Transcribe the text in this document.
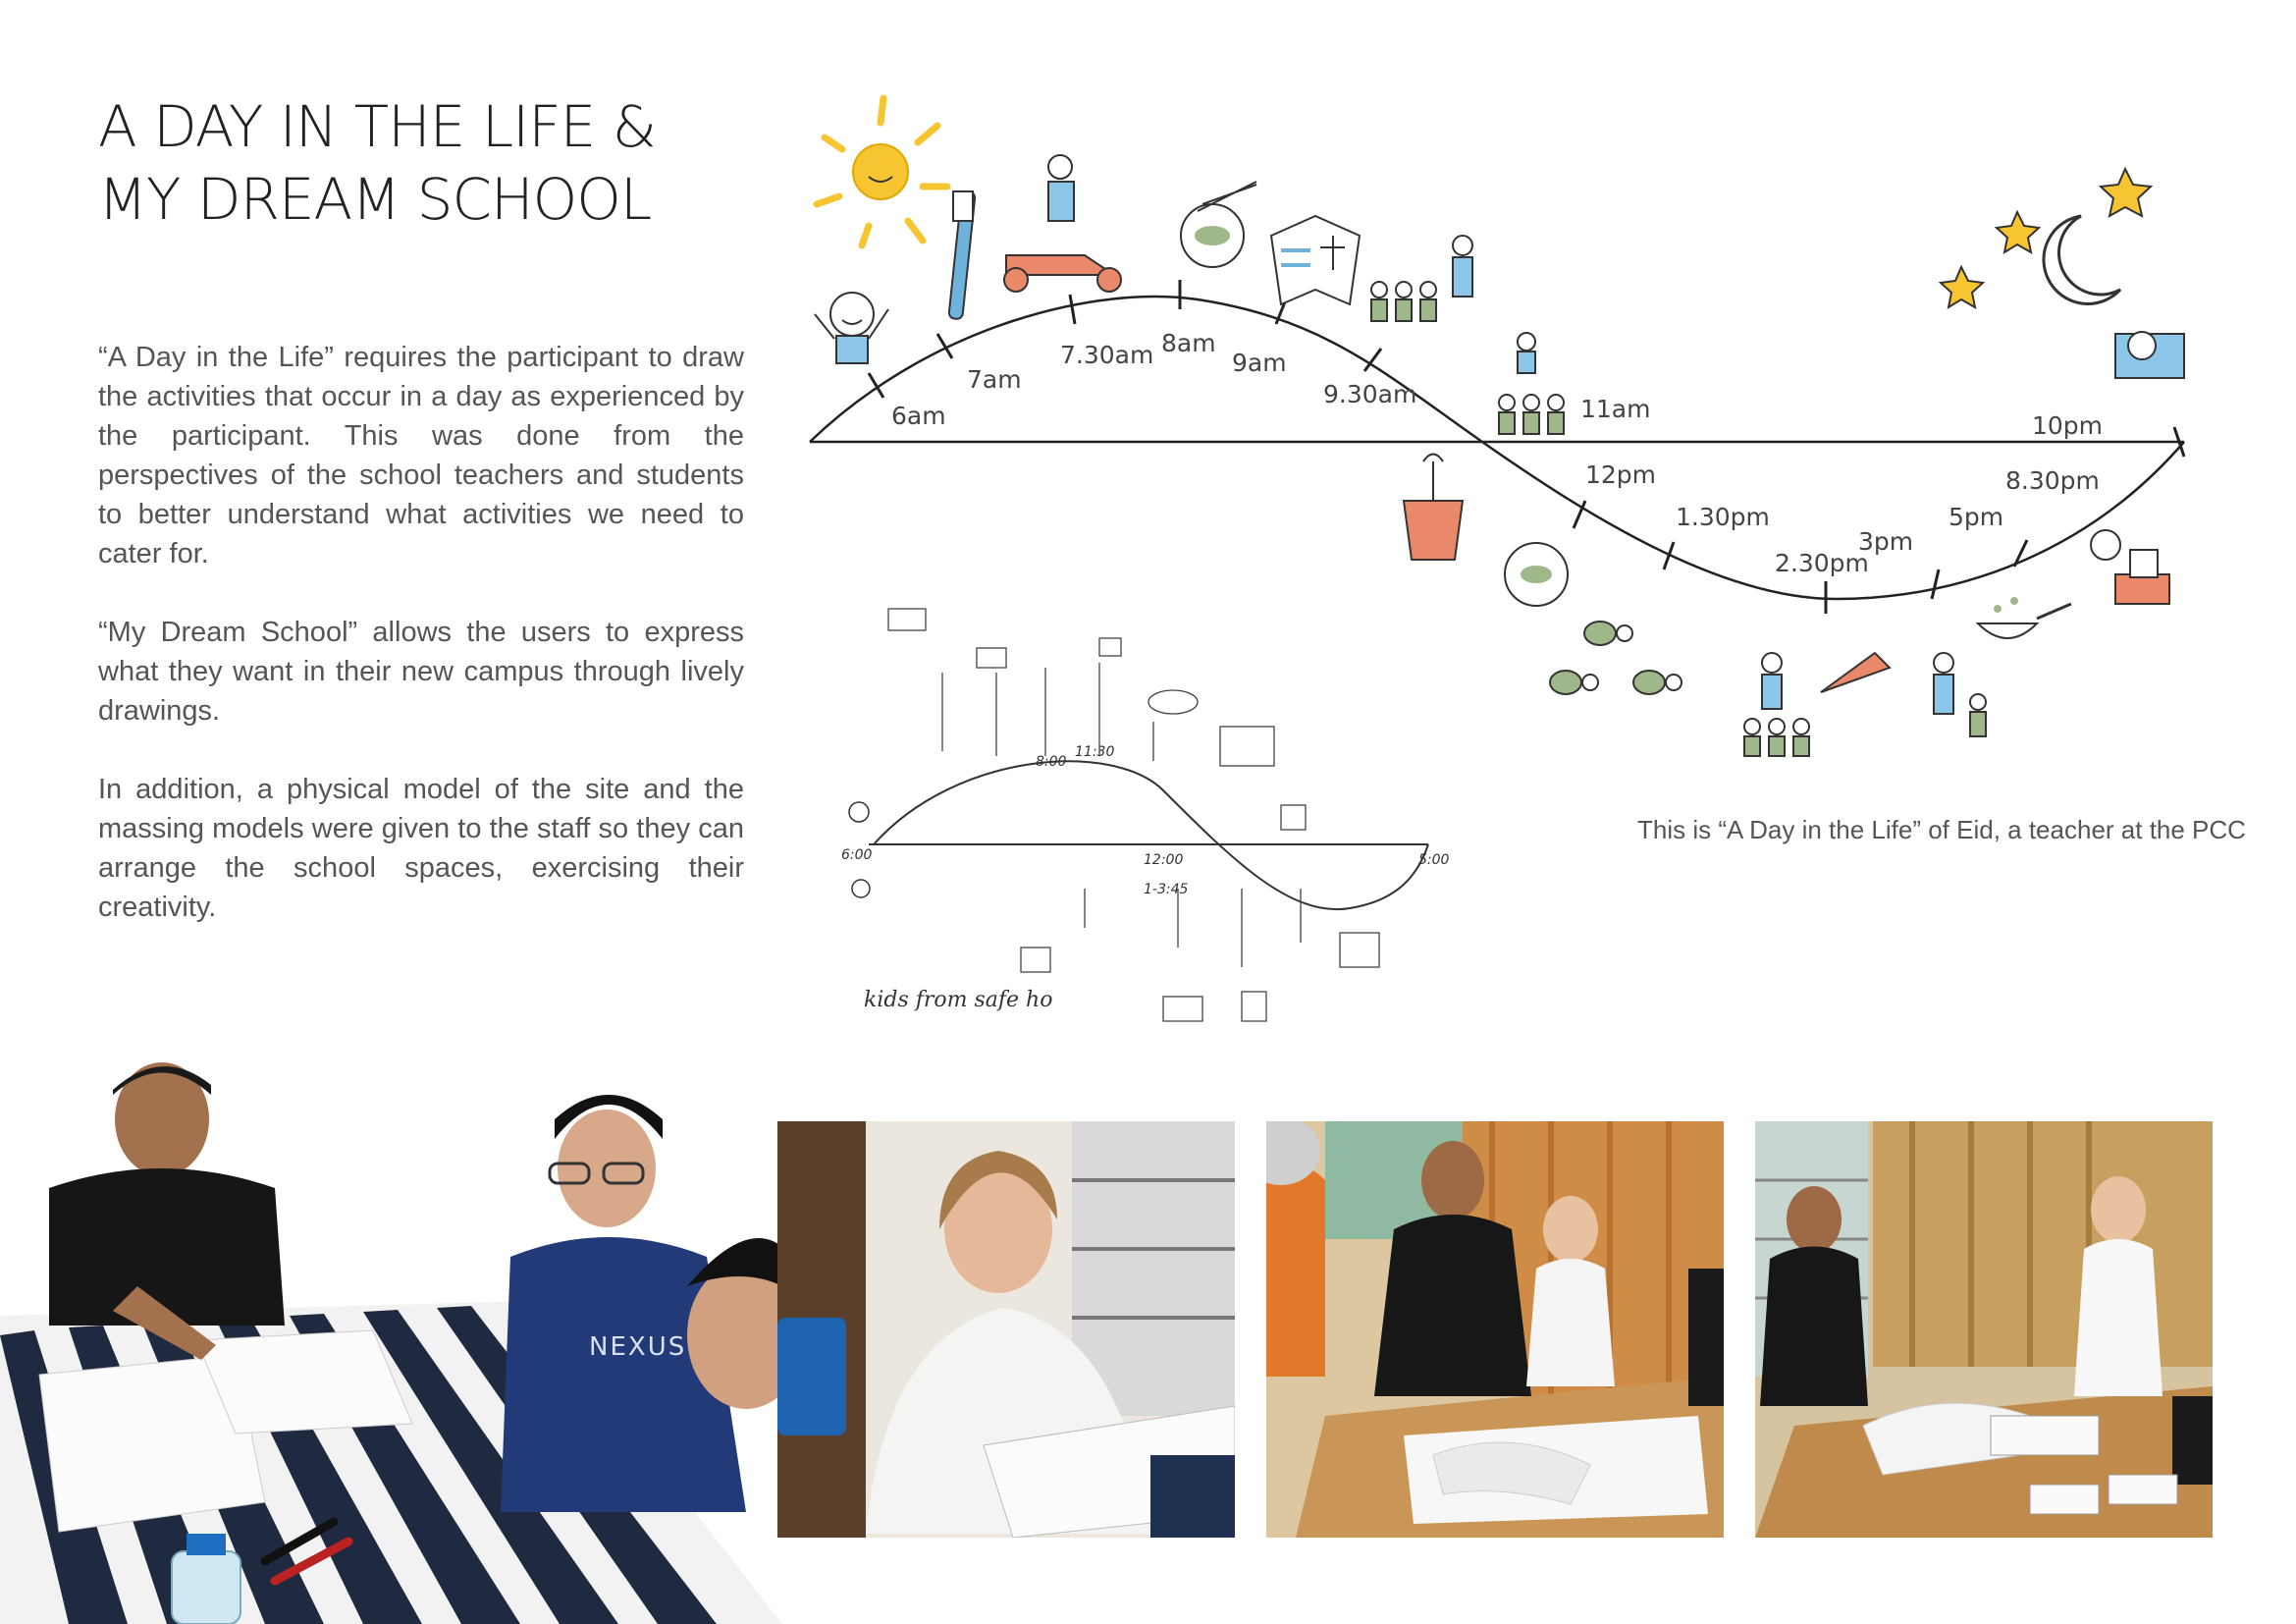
A DAY IN THE LIFE &
MY DREAM SCHOOL

“A Day in the Life” requires the participant to draw the activities that occur in a day as experienced by the participant. This was done from the perspectives of the school teachers and students to better understand what activities we need to cater for.

“My Dream School” allows the users to express what they want in their new campus through lively drawings.

In addition, a physical model of the site and the massing models were given to the staff so they can arrange the school spaces, exercising their creativity.

6am
7am
7.30am 8am
9am
9.30am
11am
12pm
1.30pm
2.30pm
3pm
5pm
8.30pm
10pm
This is “A Day in the Life” of Eid, a teacher at the PCC
6:00
8:00
11:30
12:00
1-3:45
5:00
kids from safe ho
NEXUS
